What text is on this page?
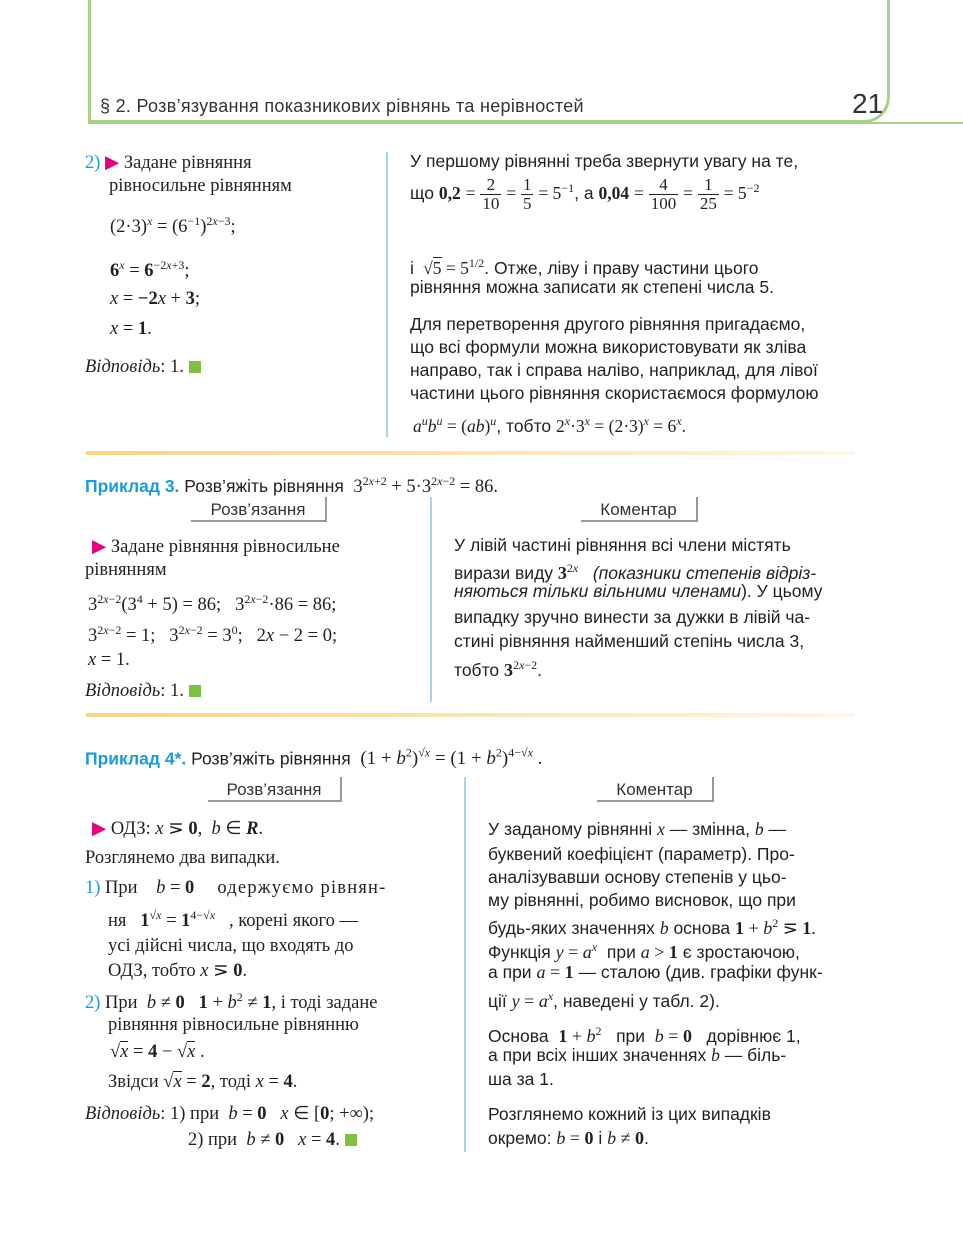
§ 2. Розв’язування показникових рівнянь та нерівностей	21
2) ▶ Задане рівняння
рівносильне рівнянням
$(2\cdot 3)^x = (6^{-1})^{2x-3}$;
$6^x = 6^{-2x+3}$;
x = −2x + 3;
x = 1.
Відповідь: 1.
У першому рівнянні треба звернути увагу на те,
що $0,2 = \frac{2}{10} = \frac{1}{5} = 5^{-1}$, а $0,04 = \frac{4}{100} = \frac{1}{25} = 5^{-2}$
і  $√5 = 5^{1/2}$. Отже, ліву і праву частини цього
рівняння можна записати як степені числа 5.
Для перетворення другого рівняння пригадаємо,
що всі формули можна використовувати як зліва
направо, так і справа наліво, наприклад, для лівої
частини цього рівняння скористаємося формулою
$a^ub^u = (ab)^u$, тобто $2^x\cdot 3^x = (2\cdot 3)^x = 6^x$.
Приклад 3. Розв’яжіть рівняння  $3^{2x+2} + 5\cdot 3^{2x-2} = 86$.
Розв’язання	Коментар
▶ Задане рівняння рівносильне
рівнянням
$3^{2x-2}(3^4 + 5) = 86$;   $3^{2x-2}\cdot 86 = 86$;
$3^{2x-2} = 1$;   $3^{2x-2} = 3^0$;   2x − 2 = 0;
x = 1.
Відповідь: 1.
У лівій частині рівняння всі члени містять
вирази виду $3^{2x}$ (показники степенів відріз-
няються тільки вільними членами). У цьому
випадку зручно винести за дужки в лівій ча-
стині рівняння найменший степінь числа 3,
тобто $3^{2x-2}$.
Приклад 4*. Розв’яжіть рівняння  $(1 + b^2)^{√x} = (1 + b^2)^{4-√x}$ .
Розв’язання	Коментар
▶ ОДЗ: x ⋝ 0,  b ∈ R.
Розглянемо два випадки.
1) При b = 0 одержуємо рівнян-
ня $1^{√x} = 1^{4-√x}$ , корені якого —
усі дійсні числа, що входять до
ОДЗ, тобто x ⋝ 0.
2) При b ≠ 0 $1 + b^2 \ne 1$, і тоді задане
рівняння рівносильне рівнянню
√x = 4 − √x .
Звідси √x = 2, тоді x = 4.
Відповідь: 1) при b = 0 x ∈ [0; +∞);
2) при b ≠ 0 x = 4.
У заданому рівнянні x — змінна, b —
буквений коефіцієнт (параметр). Про-
аналізувавши основу степенів у цьо-
му рівнянні, робимо висновок, що при
будь-яких значеннях b основа $1 + b^2$ ⋝ 1.
Функція $y = a^x$ при a > 1 є зростаючою,
а при a = 1 — сталою (див. графіки функ-
ції $y = a^x$, наведені у табл. 2).
Основа $1 + b^2$ при b = 0 дорівнює 1,
а при всіх інших значеннях b — біль-
ша за 1.
Розглянемо кожний із цих випадків
окремо: b = 0 і b ≠ 0.
